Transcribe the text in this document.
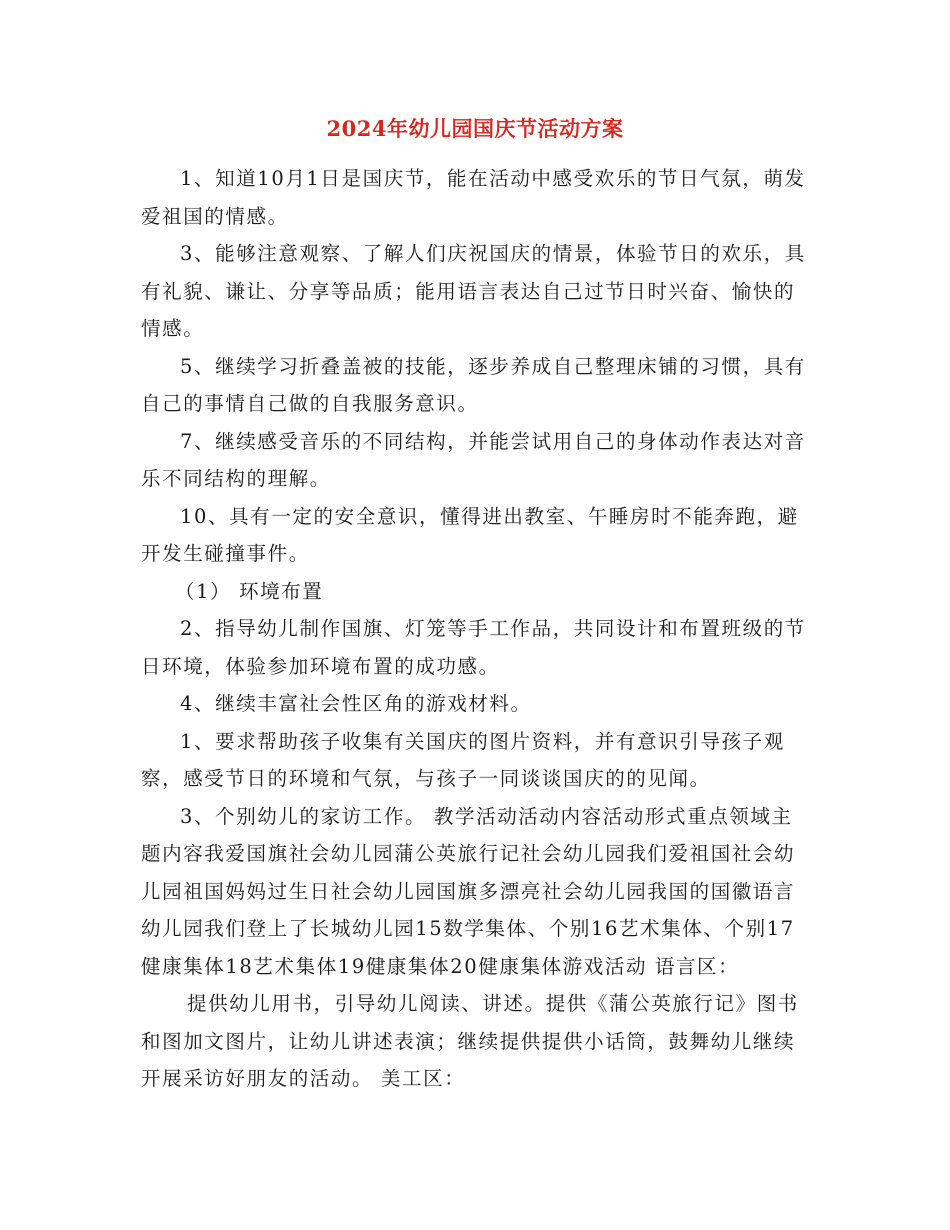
2024年幼儿园国庆节活动方案

1、知道10月1日是国庆节，能在活动中感受欢乐的节日气氛，萌发爱祖国的情感。

3、能够注意观察、了解人们庆祝国庆的情景，体验节日的欢乐，具有礼貌、谦让、分享等品质；能用语言表达自己过节日时兴奋、愉快的情感。

5、继续学习折叠盖被的技能，逐步养成自己整理床铺的习惯，具有自己的事情自己做的自我服务意识。

7、继续感受音乐的不同结构，并能尝试用自己的身体动作表达对音乐不同结构的理解。

10、具有一定的安全意识，懂得进出教室、午睡房时不能奔跑，避开发生碰撞事件。

（1） 环境布置

2、指导幼儿制作国旗、灯笼等手工作品，共同设计和布置班级的节日环境，体验参加环境布置的成功感。

4、继续丰富社会性区角的游戏材料。

1、要求帮助孩子收集有关国庆的图片资料，并有意识引导孩子观察，感受节日的环境和气氛，与孩子一同谈谈国庆的的见闻。

3、个别幼儿的家访工作。 教学活动活动内容活动形式重点领域主题内容我爱国旗社会幼儿园蒲公英旅行记社会幼儿园我们爱祖国社会幼儿园祖国妈妈过生日社会幼儿园国旗多漂亮社会幼儿园我国的国徽语言幼儿园我们登上了长城幼儿园15数学集体、个别16艺术集体、个别17健康集体18艺术集体19健康集体20健康集体游戏活动 语言区：

提供幼儿用书，引导幼儿阅读、讲述。提供《蒲公英旅行记》图书和图加文图片，让幼儿讲述表演；继续提供提供小话筒，鼓舞幼儿继续开展采访好朋友的活动。 美工区：
